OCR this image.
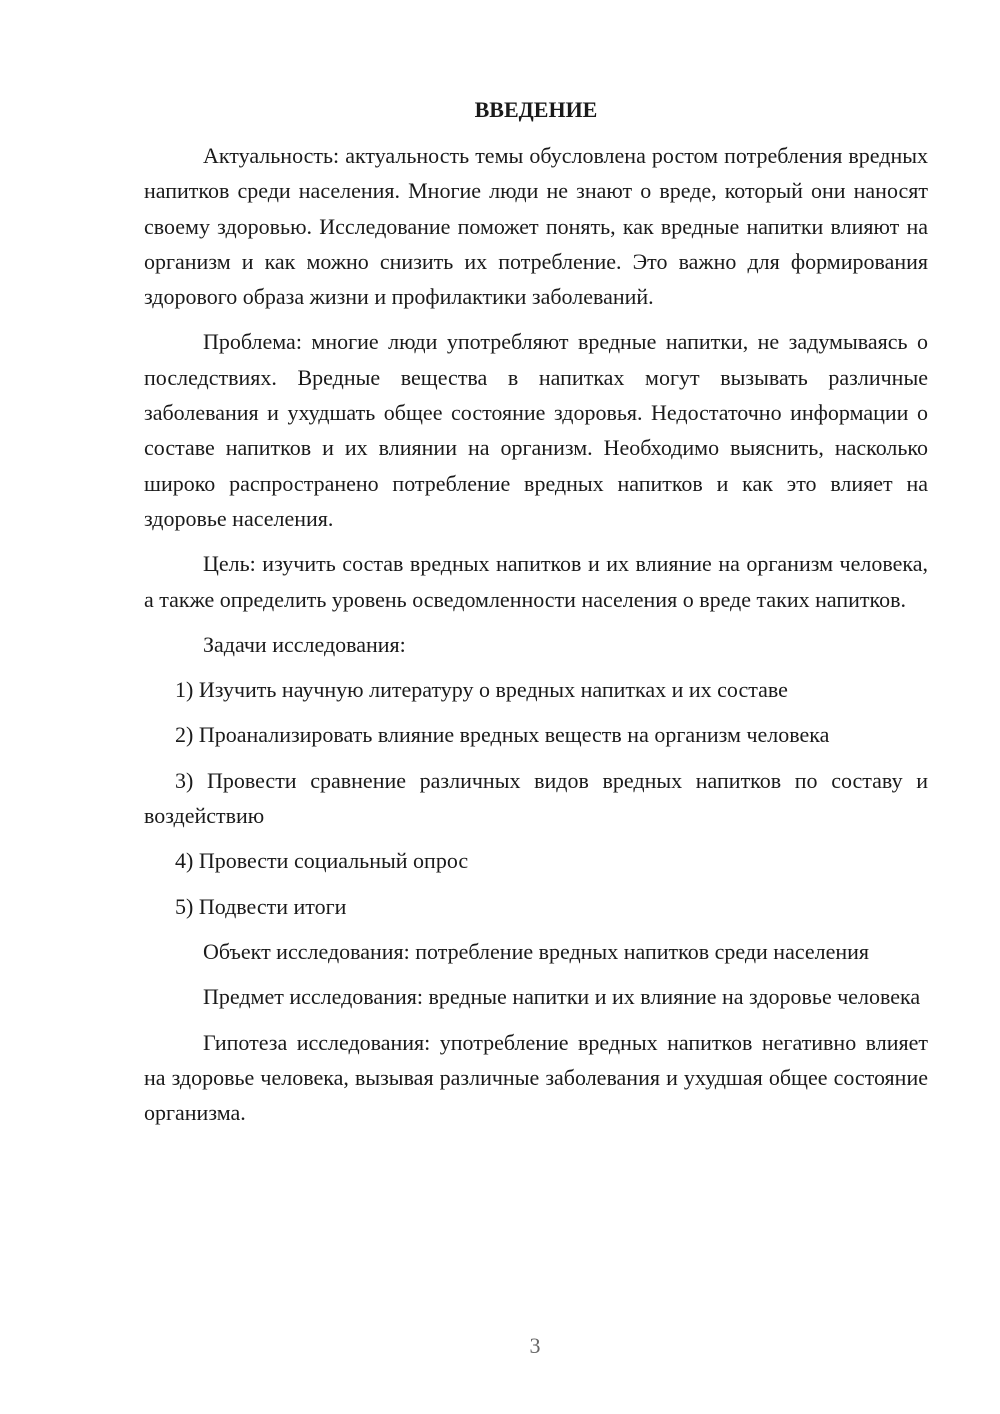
ВВЕДЕНИЕ

Актуальность: актуальность темы обусловлена ростом потребления вредных напитков среди населения. Многие люди не знают о вреде, который они наносят своему здоровью. Исследование поможет понять, как вредные напитки влияют на организм и как можно снизить их потребление. Это важно для формирования здорового образа жизни и профилактики заболеваний.

Проблема: многие люди употребляют вредные напитки, не задумываясь о последствиях. Вредные вещества в напитках могут вызывать различные заболевания и ухудшать общее состояние здоровья. Недостаточно информации о составе напитков и их влиянии на организм. Необходимо выяснить, насколько широко распространено потребление вредных напитков и как это влияет на здоровье населения.

Цель: изучить состав вредных напитков и их влияние на организм человека, а также определить уровень осведомленности населения о вреде таких напитков.

Задачи исследования:

1) Изучить научную литературу о вредных напитках и их составе

2) Проанализировать влияние вредных веществ на организм человека

3) Провести сравнение различных видов вредных напитков по составу и воздействию

4) Провести социальный опрос

5) Подвести итоги

Объект исследования: потребление вредных напитков среди населения

Предмет исследования: вредные напитки и их влияние на здоровье человека

Гипотеза исследования: употребление вредных напитков негативно влияет на здоровье человека, вызывая различные заболевания и ухудшая общее состояние организма.

3
